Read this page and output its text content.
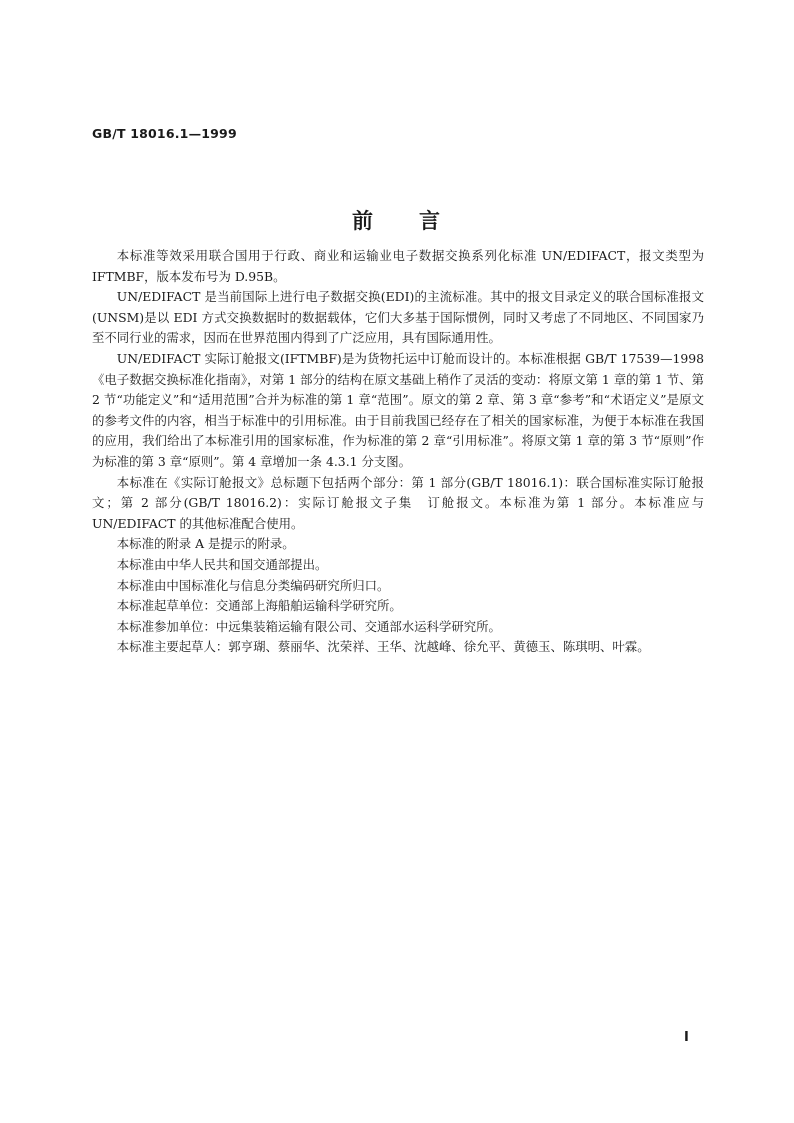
GB/T 18016.1—1999
前 言

本标准等效采用联合国用于行政、商业和运输业电子数据交换系列化标准 UN/EDIFACT，报文类型为 IFTMBF，版本发布号为 D.95B。

UN/EDIFACT 是当前国际上进行电子数据交换(EDI)的主流标准。其中的报文目录定义的联合国标准报文(UNSM)是以 EDI 方式交换数据时的数据载体，它们大多基于国际惯例，同时又考虑了不同地区、不同国家乃至不同行业的需求，因而在世界范围内得到了广泛应用，具有国际通用性。

UN/EDIFACT 实际订舱报文(IFTMBF)是为货物托运中订舱而设计的。本标准根据 GB/T 17539—1998《电子数据交换标准化指南》，对第 1 部分的结构在原文基础上稍作了灵活的变动：将原文第 1 章的第 1 节、第 2 节“功能定义”和“适用范围”合并为标准的第 1 章“范围”。原文的第 2 章、第 3 章“参考”和“术语定义”是原文的参考文件的内容，相当于标准中的引用标准。由于目前我国已经存在了相关的国家标准，为便于本标准在我国的应用，我们给出了本标准引用的国家标准，作为标准的第 2 章“引用标准”。将原文第 1 章的第 3 节“原则”作为标准的第 3 章“原则”。第 4 章增加一条 4.3.1 分支图。

本标准在《实际订舱报文》总标题下包括两个部分：第 1 部分(GB/T 18016.1)：联合国标准实际订舱报文；第 2 部分(GB/T 18016.2)：实际订舱报文子集　订舱报文。本标准为第 1 部分。本标准应与 UN/EDIFACT 的其他标准配合使用。

本标准的附录 A 是提示的附录。

本标准由中华人民共和国交通部提出。

本标准由中国标准化与信息分类编码研究所归口。

本标准起草单位：交通部上海船舶运输科学研究所。

本标准参加单位：中远集装箱运输有限公司、交通部水运科学研究所。

本标准主要起草人：郭亨瑚、蔡丽华、沈荣祥、王华、沈越峰、徐允平、黄德玉、陈琪明、叶霖。

I
